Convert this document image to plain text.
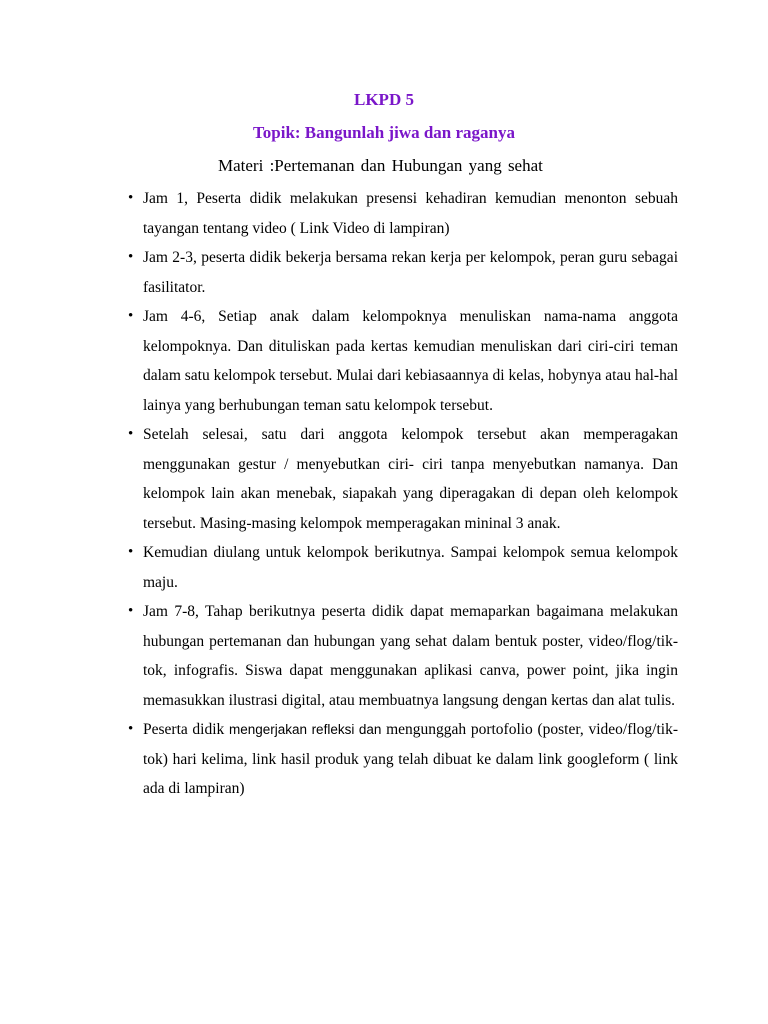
LKPD 5
Topik: Bangunlah jiwa dan raganya
Materi :Pertemanan dan Hubungan yang sehat
• Jam 1, Peserta didik melakukan presensi kehadiran kemudian menonton sebuah tayangan tentang video ( Link Video di lampiran)
• Jam 2-3, peserta didik bekerja bersama rekan kerja per kelompok, peran guru sebagai fasilitator.
• Jam 4-6, Setiap anak dalam kelompoknya menuliskan nama-nama anggota kelompoknya. Dan dituliskan pada kertas kemudian menuliskan dari ciri-ciri teman dalam satu kelompok tersebut. Mulai dari kebiasaannya di kelas, hobynya atau hal-hal lainya yang berhubungan teman satu kelompok tersebut.
• Setelah selesai, satu dari anggota kelompok tersebut akan memperagakan menggunakan gestur / menyebutkan ciri- ciri tanpa menyebutkan namanya. Dan kelompok lain akan menebak, siapakah yang diperagakan di depan oleh kelompok tersebut. Masing-masing kelompok memperagakan mininal 3 anak.
• Kemudian diulang untuk kelompok berikutnya. Sampai kelompok semua kelompok maju.
• Jam 7-8, Tahap berikutnya peserta didik dapat memaparkan bagaimana melakukan hubungan pertemanan dan hubungan yang sehat dalam bentuk poster, video/flog/tik-tok, infografis. Siswa dapat menggunakan aplikasi canva, power point, jika ingin memasukkan ilustrasi digital, atau membuatnya langsung dengan kertas dan alat tulis.
• Peserta didik mengerjakan refleksi dan mengunggah portofolio (poster, video/flog/tik-tok) hari kelima, link hasil produk yang telah dibuat ke dalam link googleform ( link ada di lampiran)
